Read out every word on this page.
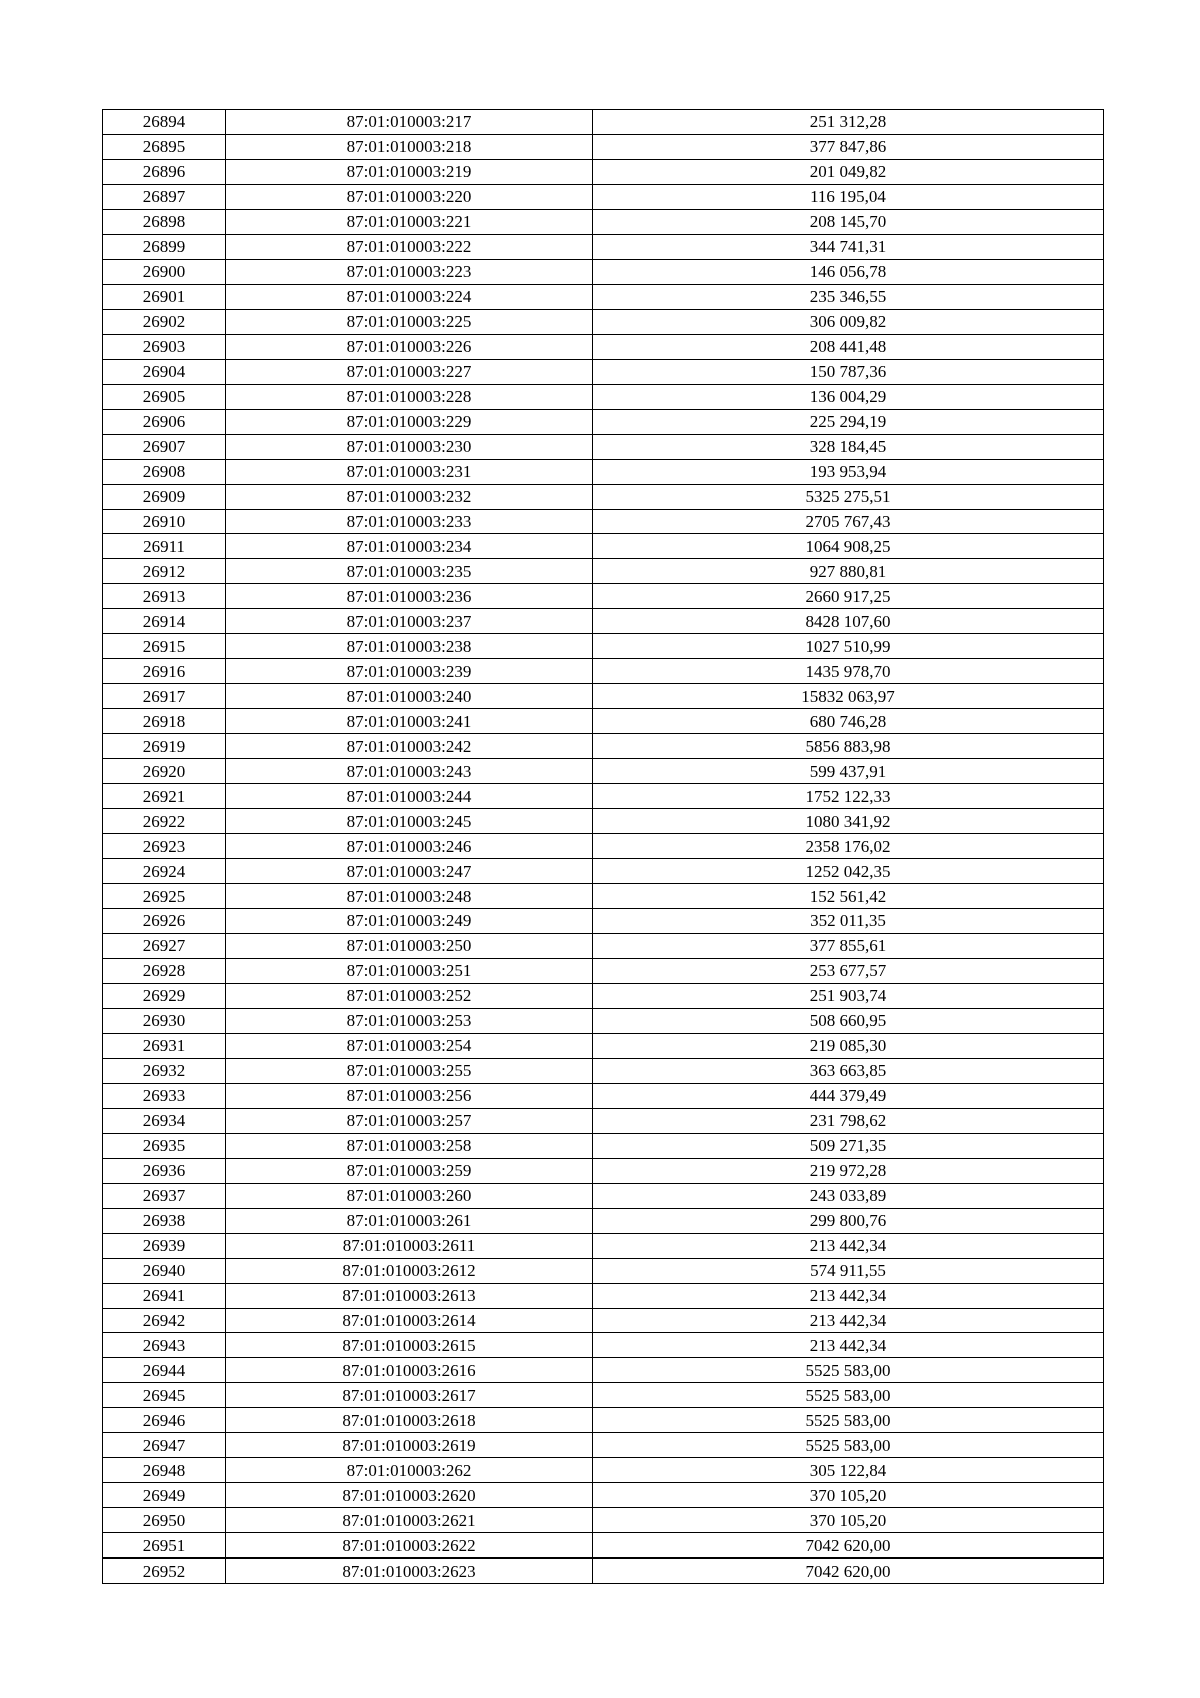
26894	87:01:010003:217	251 312,28
26895	87:01:010003:218	377 847,86
26896	87:01:010003:219	201 049,82
26897	87:01:010003:220	116 195,04
26898	87:01:010003:221	208 145,70
26899	87:01:010003:222	344 741,31
26900	87:01:010003:223	146 056,78
26901	87:01:010003:224	235 346,55
26902	87:01:010003:225	306 009,82
26903	87:01:010003:226	208 441,48
26904	87:01:010003:227	150 787,36
26905	87:01:010003:228	136 004,29
26906	87:01:010003:229	225 294,19
26907	87:01:010003:230	328 184,45
26908	87:01:010003:231	193 953,94
26909	87:01:010003:232	5325 275,51
26910	87:01:010003:233	2705 767,43
26911	87:01:010003:234	1064 908,25
26912	87:01:010003:235	927 880,81
26913	87:01:010003:236	2660 917,25
26914	87:01:010003:237	8428 107,60
26915	87:01:010003:238	1027 510,99
26916	87:01:010003:239	1435 978,70
26917	87:01:010003:240	15832 063,97
26918	87:01:010003:241	680 746,28
26919	87:01:010003:242	5856 883,98
26920	87:01:010003:243	599 437,91
26921	87:01:010003:244	1752 122,33
26922	87:01:010003:245	1080 341,92
26923	87:01:010003:246	2358 176,02
26924	87:01:010003:247	1252 042,35
26925	87:01:010003:248	152 561,42
26926	87:01:010003:249	352 011,35
26927	87:01:010003:250	377 855,61
26928	87:01:010003:251	253 677,57
26929	87:01:010003:252	251 903,74
26930	87:01:010003:253	508 660,95
26931	87:01:010003:254	219 085,30
26932	87:01:010003:255	363 663,85
26933	87:01:010003:256	444 379,49
26934	87:01:010003:257	231 798,62
26935	87:01:010003:258	509 271,35
26936	87:01:010003:259	219 972,28
26937	87:01:010003:260	243 033,89
26938	87:01:010003:261	299 800,76
26939	87:01:010003:2611	213 442,34
26940	87:01:010003:2612	574 911,55
26941	87:01:010003:2613	213 442,34
26942	87:01:010003:2614	213 442,34
26943	87:01:010003:2615	213 442,34
26944	87:01:010003:2616	5525 583,00
26945	87:01:010003:2617	5525 583,00
26946	87:01:010003:2618	5525 583,00
26947	87:01:010003:2619	5525 583,00
26948	87:01:010003:262	305 122,84
26949	87:01:010003:2620	370 105,20
26950	87:01:010003:2621	370 105,20
26951	87:01:010003:2622	7042 620,00
26952	87:01:010003:2623	7042 620,00
